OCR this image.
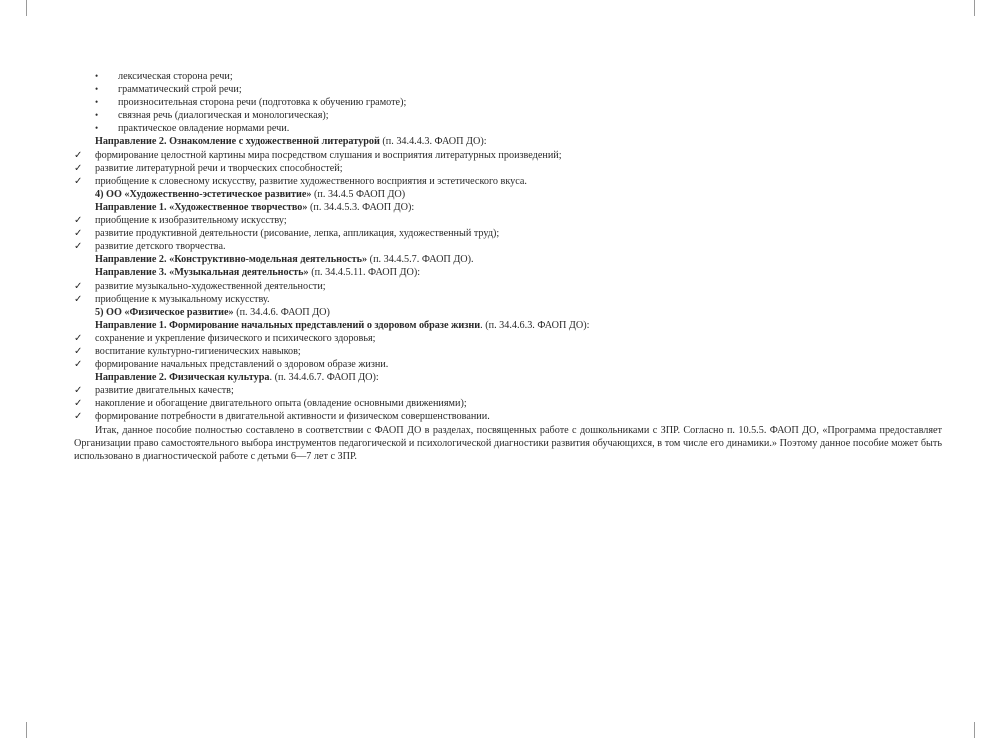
• лексическая сторона речи;
• грамматический строй речи;
• произносительная сторона речи (подготовка к обучению грамоте);
• связная речь (диалогическая и монологическая);
• практическое овладение нормами речи.
Направление 2. Ознакомление с художественной литературой (п. 34.4.4.3. ФАОП ДО):
✓ формирование целостной картины мира посредством слушания и восприятия литературных произведений;
✓ развитие литературной речи и творческих способностей;
✓ приобщение к словесному искусству, развитие художественного восприятия и эстетического вкуса.
4) ОО «Художественно-эстетическое развитие» (п. 34.4.5 ФАОП ДО)
Направление 1. «Художественное творчество» (п. 34.4.5.3. ФАОП ДО):
✓ приобщение к изобразительному искусству;
✓ развитие продуктивной деятельности (рисование, лепка, аппликация, художественный труд);
✓ развитие детского творчества.
Направление 2. «Конструктивно-модельная деятельность» (п. 34.4.5.7. ФАОП ДО).
Направление 3. «Музыкальная деятельность» (п. 34.4.5.11. ФАОП ДО):
✓ развитие музыкально-художественной деятельности;
✓ приобщение к музыкальному искусству.
5) ОО «Физическое развитие» (п. 34.4.6. ФАОП ДО)
Направление 1. Формирование начальных представлений о здоровом образе жизни. (п. 34.4.6.3. ФАОП ДО):
✓ сохранение и укрепление физического и психического здоровья;
✓ воспитание культурно-гигиенических навыков;
✓ формирование начальных представлений о здоровом образе жизни.
Направление 2. Физическая культура. (п. 34.4.6.7. ФАОП ДО):
✓ развитие двигательных качеств;
✓ накопление и обогащение двигательного опыта (овладение основными движениями);
✓ формирование потребности в двигательной активности и физическом совершенствовании.
Итак, данное пособие полностью составлено в соответствии с ФАОП ДО в разделах, посвященных работе с дошкольниками с ЗПР. Согласно п. 10.5.5. ФАОП ДО, «Программа предоставляет Организации право самостоятельного выбора инструментов педагогической и психологической диагностики развития обучающихся, в том числе его динамики.» Поэтому данное пособие может быть использовано в диагностической работе с детьми 6—7 лет с ЗПР.
